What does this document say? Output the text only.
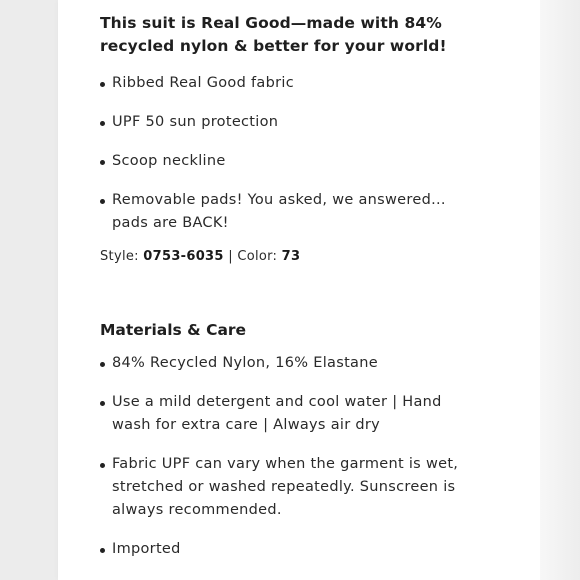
This suit is Real Good—made with 84% recycled nylon & better for your world!
Ribbed Real Good fabric
UPF 50 sun protection
Scoop neckline
Removable pads! You asked, we answered... pads are BACK!
Style: 0753-6035 | Color: 73
Materials & Care
84% Recycled Nylon, 16% Elastane
Use a mild detergent and cool water | Hand wash for extra care | Always air dry
Fabric UPF can vary when the garment is wet, stretched or washed repeatedly. Sunscreen is always recommended.
Imported
